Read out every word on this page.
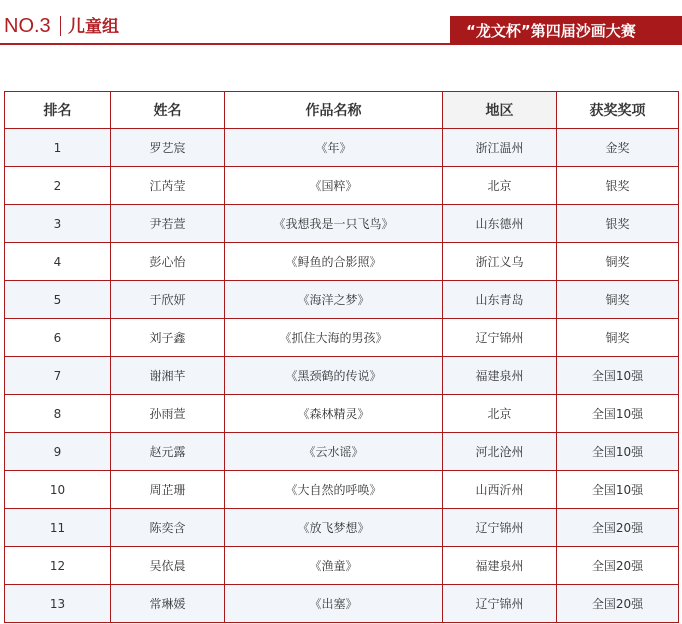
NO.3 儿童组	“龙文杯”第四届沙画大赛
排名	姓名	作品名称	地区	获奖奖项
1	罗艺宸	《年》	浙江温州	金奖
2	江芮莹	《国粹》	北京	银奖
3	尹若萱	《我想我是一只飞鸟》	山东德州	银奖
4	彭心怡	《鲟鱼的合影照》	浙江义乌	铜奖
5	于欣妍	《海洋之梦》	山东青岛	铜奖
6	刘子鑫	《抓住大海的男孩》	辽宁锦州	铜奖
7	谢湘芊	《黑颈鹤的传说》	福建泉州	全国10强
8	孙雨萱	《森林精灵》	北京	全国10强
9	赵元露	《云水谣》	河北沧州	全国10强
10	周芷珊	《大自然的呼唤》	山西沂州	全国10强
11	陈奕含	《放飞梦想》	辽宁锦州	全国20强
12	吴依晨	《渔童》	福建泉州	全国20强
13	常琳媛	《出塞》	辽宁锦州	全国20强
